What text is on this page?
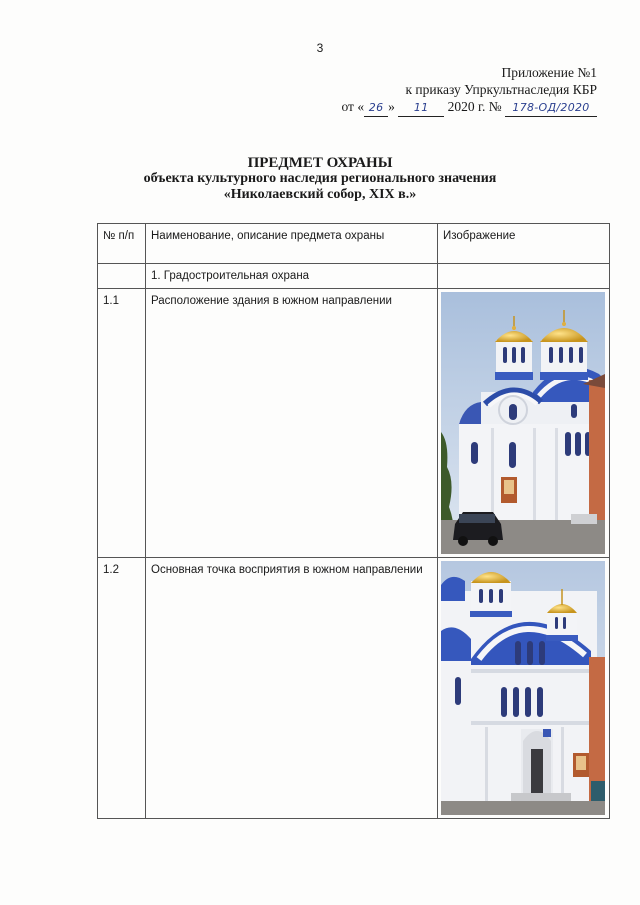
3
Приложение №1
к приказу Упркультнаследия КБР
от « 26 » 11 2020 г. № 178-ОД/2020
ПРЕДМЕТ ОХРАНЫ
объекта культурного наследия регионального значения
«Николаевский собор, XIX в.»
№ п/п	Наименование, описание предмета охраны	Изображение
	1. Градостроительная охрана	
1.1	Расположение здания в южном направлении	

1.2	Основная точка восприятия в южном направлении	
